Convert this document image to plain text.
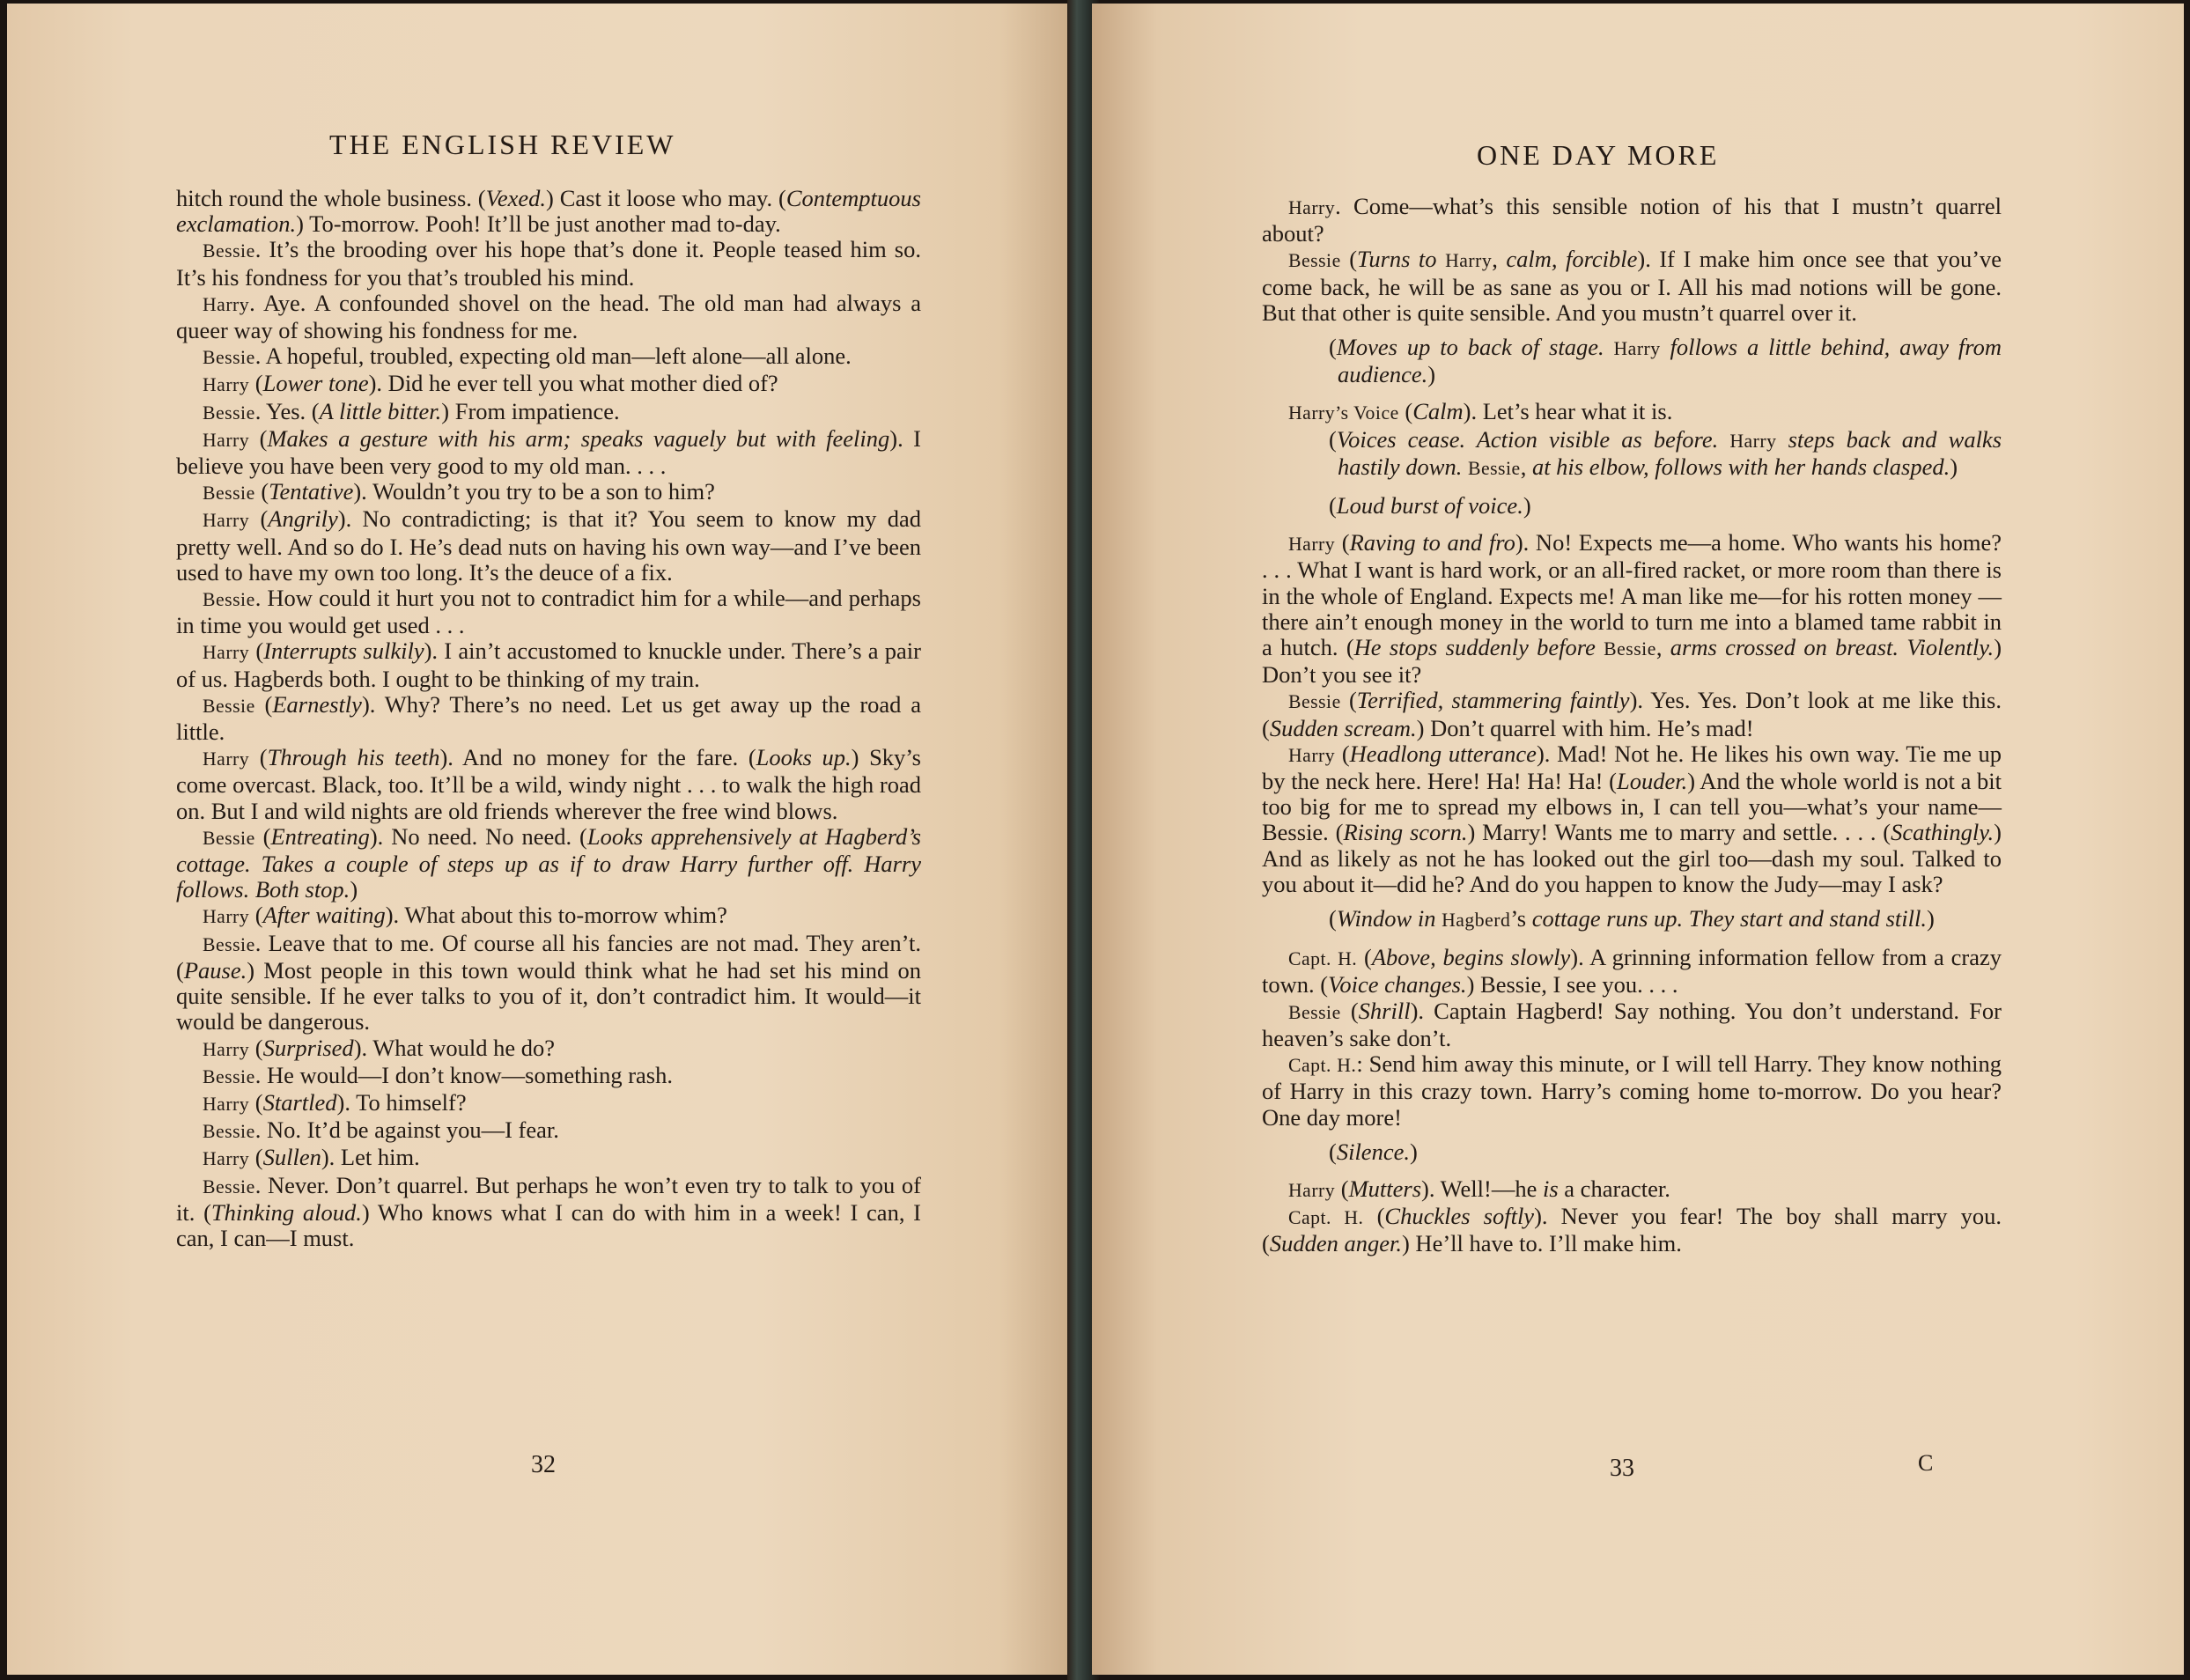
THE ENGLISH REVIEW

hitch round the whole business. (Vexed.) Cast it loose who may. (Contemptuous exclamation.) To-morrow. Pooh! It’ll be just another mad to-day.

Bessie. It’s the brooding over his hope that’s done it. People teased him so. It’s his fondness for you that’s troubled his mind.

Harry. Aye. A confounded shovel on the head. The old man had always a queer way of showing his fondness for me.

Bessie. A hopeful, troubled, expecting old man—left alone—all alone.

Harry (Lower tone). Did he ever tell you what mother died of?

Bessie. Yes. (A little bitter.) From impatience.

Harry (Makes a gesture with his arm; speaks vaguely but with feeling). I believe you have been very good to my old man. . . .

Bessie (Tentative). Wouldn’t you try to be a son to him?

Harry (Angrily). No contradicting; is that it? You seem to know my dad pretty well. And so do I. He’s dead nuts on having his own way—and I’ve been used to have my own too long. It’s the deuce of a fix.

Bessie. How could it hurt you not to contradict him for a while—and perhaps in time you would get used . . .

Harry (Interrupts sulkily). I ain’t accustomed to knuckle under. There’s a pair of us. Hagberds both. I ought to be thinking of my train.

Bessie (Earnestly). Why? There’s no need. Let us get away up the road a little.

Harry (Through his teeth). And no money for the fare. (Looks up.) Sky’s come overcast. Black, too. It’ll be a wild, windy night . . . to walk the high road on. But I and wild nights are old friends wherever the free wind blows.

Bessie (Entreating). No need. No need. (Looks apprehensively at Hagberd’s cottage. Takes a couple of steps up as if to draw Harry further off. Harry follows. Both stop.)

Harry (After waiting). What about this to-morrow whim?

Bessie. Leave that to me. Of course all his fancies are not mad. They aren’t. (Pause.) Most people in this town would think what he had set his mind on quite sensible. If he ever talks to you of it, don’t contradict him. It would—it would be dangerous.

Harry (Surprised). What would he do?

Bessie. He would—I don’t know—something rash.

Harry (Startled). To himself?

Bessie. No. It’d be against you—I fear.

Harry (Sullen). Let him.

Bessie. Never. Don’t quarrel. But perhaps he won’t even try to talk to you of it. (Thinking aloud.) Who knows what I can do with him in a week! I can, I can, I can—I must.

32
ONE DAY MORE

Harry. Come—what’s this sensible notion of his that I mustn’t quarrel about?

Bessie (Turns to Harry, calm, forcible). If I make him once see that you’ve come back, he will be as sane as you or I. All his mad notions will be gone. But that other is quite sensible. And you mustn’t quarrel over it.

(Moves up to back of stage. Harry follows a little behind, away from audience.)

Harry’s Voice (Calm). Let’s hear what it is.

(Voices cease. Action visible as before. Harry steps back and walks hastily down. Bessie, at his elbow, follows with her hands clasped.)

(Loud burst of voice.)

Harry (Raving to and fro). No! Expects me—a home. Who wants his home? . . . What I want is hard work, or an all-fired racket, or more room than there is in the whole of England. Expects me! A man like me—for his rotten money —there ain’t enough money in the world to turn me into a blamed tame rabbit in a hutch. (He stops suddenly before Bessie, arms crossed on breast. Violently.) Don’t you see it?

Bessie (Terrified, stammering faintly). Yes. Yes. Don’t look at me like this. (Sudden scream.) Don’t quarrel with him. He’s mad!

Harry (Headlong utterance). Mad! Not he. He likes his own way. Tie me up by the neck here. Here! Ha! Ha! Ha! (Louder.) And the whole world is not a bit too big for me to spread my elbows in, I can tell you—what’s your name—Bessie. (Rising scorn.) Marry! Wants me to marry and settle. . . . (Scathingly.) And as likely as not he has looked out the girl too—dash my soul. Talked to you about it—did he? And do you happen to know the Judy—may I ask?

(Window in Hagberd’s cottage runs up. They start and stand still.)

Capt. H. (Above, begins slowly). A grinning information fellow from a crazy town. (Voice changes.) Bessie, I see you. . . .

Bessie (Shrill). Captain Hagberd! Say nothing. You don’t understand. For heaven’s sake don’t.

Capt. H.: Send him away this minute, or I will tell Harry. They know nothing of Harry in this crazy town. Harry’s coming home to-morrow. Do you hear? One day more!

(Silence.)

Harry (Mutters). Well!—he is a character.

Capt. H. (Chuckles softly). Never you fear! The boy shall marry you. (Sudden anger.) He’ll have to. I’ll make him.

33	C
